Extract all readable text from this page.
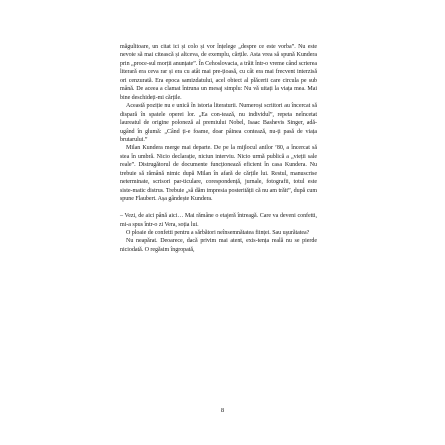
măgulitoare, un citat ici și colo și vor înțelege „despre ce este vorba”. Nu este nevoie să mai citească și altceva, de exemplu, cărțile. Asta vrea să spună Kundera prin „proce-sul morții anunțate”. În Cehoslovacia, a trăit într-o vreme când scrierea literară era ceva rar și era cu atât mai pre-țioasă, cu cât era mai frecvent interzisă ori cenzurată. Era epoca samizdatului, acel obiect al plăcerii care circula pe sub mână. De aceea a clamat întruna un mesaj simplu: Nu vă uitați la viața mea. Mai bine deschideți-mi cărțile.

Această poziție nu e unică în istoria literaturii. Numeroși scriitori au încercat să dispară în spatele operei lor. „Ea con-tează, nu individul”, repeta neîncetat laureatul de origine poloneză al premiului Nobel, Isaac Bashevis Singer, adă-ugând în glumă: „Când ți-e foame, doar pâinea contează, nu-ți pasă de viața brutarului.”

Milan Kundera merge mai departe. De pe la mijlocul anilor ’80, a încercat să stea în umbră. Nicio declarație, niciun interviu. Nicio urmă publică a „vieții sale reale”. Distrugătorul de documente funcționează eficient în casa Kundera. Nu trebuie să rămână nimic după Milan în afară de cărțile lui. Restul, manuscrise neterminate, scrisori par-ticulare, corespondență, jurnale, fotografii, totul este siste-matic distrus. Trebuie „să dăm impresia posterității că nu am trăit”, după cum spune Flaubert. Așa gândește Kundera.

– Vezi, de aici până aici… Mai rămâne o etajeră întreagă. Care va deveni confetti, mi-a spus într-o zi Vera, soția lui.

O ploaie de confetti pentru a sărbători neînsemnătatea ființei. Sau uşurătatea?

Nu neapărat. Deoarece, dacă privim mai atent, exis-tența reală nu se pierde niciodată. O regăsim îngropată,

8
